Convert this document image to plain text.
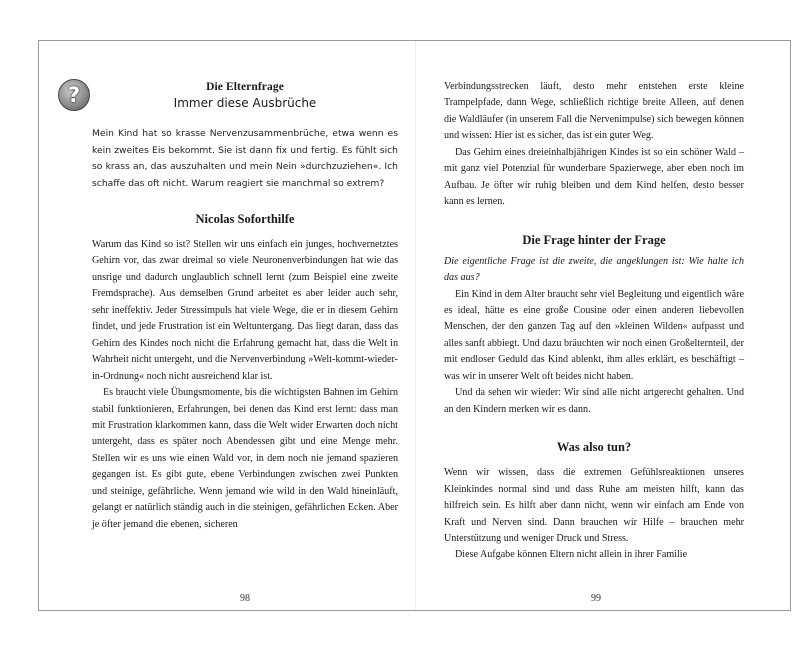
?	Die Elternfrage
Immer diese Ausbrüche

Mein Kind hat so krasse Nervenzusammenbrüche, etwa wenn es kein zweites Eis bekommt. Sie ist dann fix und fertig. Es fühlt sich so krass an, das auszuhalten und mein Nein »durchzuziehen«. Ich schaffe das oft nicht. Warum reagiert sie manchmal so extrem?

Nicolas Soforthilfe

Warum das Kind so ist? Stellen wir uns einfach ein junges, hochvernetztes Gehirn vor, das zwar dreimal so viele Neuronenverbindungen hat wie das unsrige und dadurch unglaublich schnell lernt (zum Beispiel eine zweite Fremdsprache). Aus demselben Grund arbeitet es aber leider auch sehr, sehr ineffektiv. Jeder Stressimpuls hat viele Wege, die er in diesem Gehirn findet, und jede Frustration ist ein Weltuntergang. Das liegt daran, dass das Gehirn des Kindes noch nicht die Erfahrung gemacht hat, dass die Welt in Wahrheit nicht untergeht, und die Nervenverbindung »Welt-kommt-wieder-in-Ordnung« noch nicht ausreichend klar ist.

Es braucht viele Übungsmomente, bis die wichtigsten Bahnen im Gehirn stabil funktionieren, Erfahrungen, bei denen das Kind erst lernt: dass man mit Frustration klarkommen kann, dass die Welt wider Erwarten doch nicht untergeht, dass es später noch Abendessen gibt und eine Menge mehr. Stellen wir es uns wie einen Wald vor, in dem noch nie jemand spazieren gegangen ist. Es gibt gute, ebene Verbindungen zwischen zwei Punkten und steinige, gefährliche. Wenn jemand wie wild in den Wald hineinläuft, gelangt er natürlich ständig auch in die steinigen, gefährlichen Ecken. Aber je öfter jemand die ebenen, sicheren

98

Verbindungsstrecken läuft, desto mehr entstehen erste kleine Trampelpfade, dann Wege, schließlich richtige breite Alleen, auf denen die Waldläufer (in unserem Fall die Nervenimpulse) sich bewegen können und wissen: Hier ist es sicher, das ist ein guter Weg.

Das Gehirn eines dreieinhalbjährigen Kindes ist so ein schöner Wald – mit ganz viel Potenzial für wunderbare Spazierwege, aber eben noch im Aufbau. Je öfter wir ruhig bleiben und dem Kind helfen, desto besser kann es lernen.

Die Frage hinter der Frage

Die eigentliche Frage ist die zweite, die angeklungen ist: Wie halte ich das aus?

Ein Kind in dem Alter braucht sehr viel Begleitung und eigentlich wäre es ideal, hätte es eine große Cousine oder einen anderen liebevollen Menschen, der den ganzen Tag auf den »kleinen Wilden« aufpasst und alles sanft abbiegt. Und dazu bräuchten wir noch einen Großelternteil, der mit endloser Geduld das Kind ablenkt, ihm alles erklärt, es beschäftigt – was wir in unserer Welt oft beides nicht haben.

Und da sehen wir wieder: Wir sind alle nicht artgerecht gehalten. Und an den Kindern merken wir es dann.

Was also tun?

Wenn wir wissen, dass die extremen Gefühlsreaktionen unseres Kleinkindes normal sind und dass Ruhe am meisten hilft, kann das hilfreich sein. Es hilft aber dann nicht, wenn wir einfach am Ende von Kraft und Nerven sind. Dann brauchen wir Hilfe – brauchen mehr Unterstützung und weniger Druck und Stress.

Diese Aufgabe können Eltern nicht allein in ihrer Familie

99
